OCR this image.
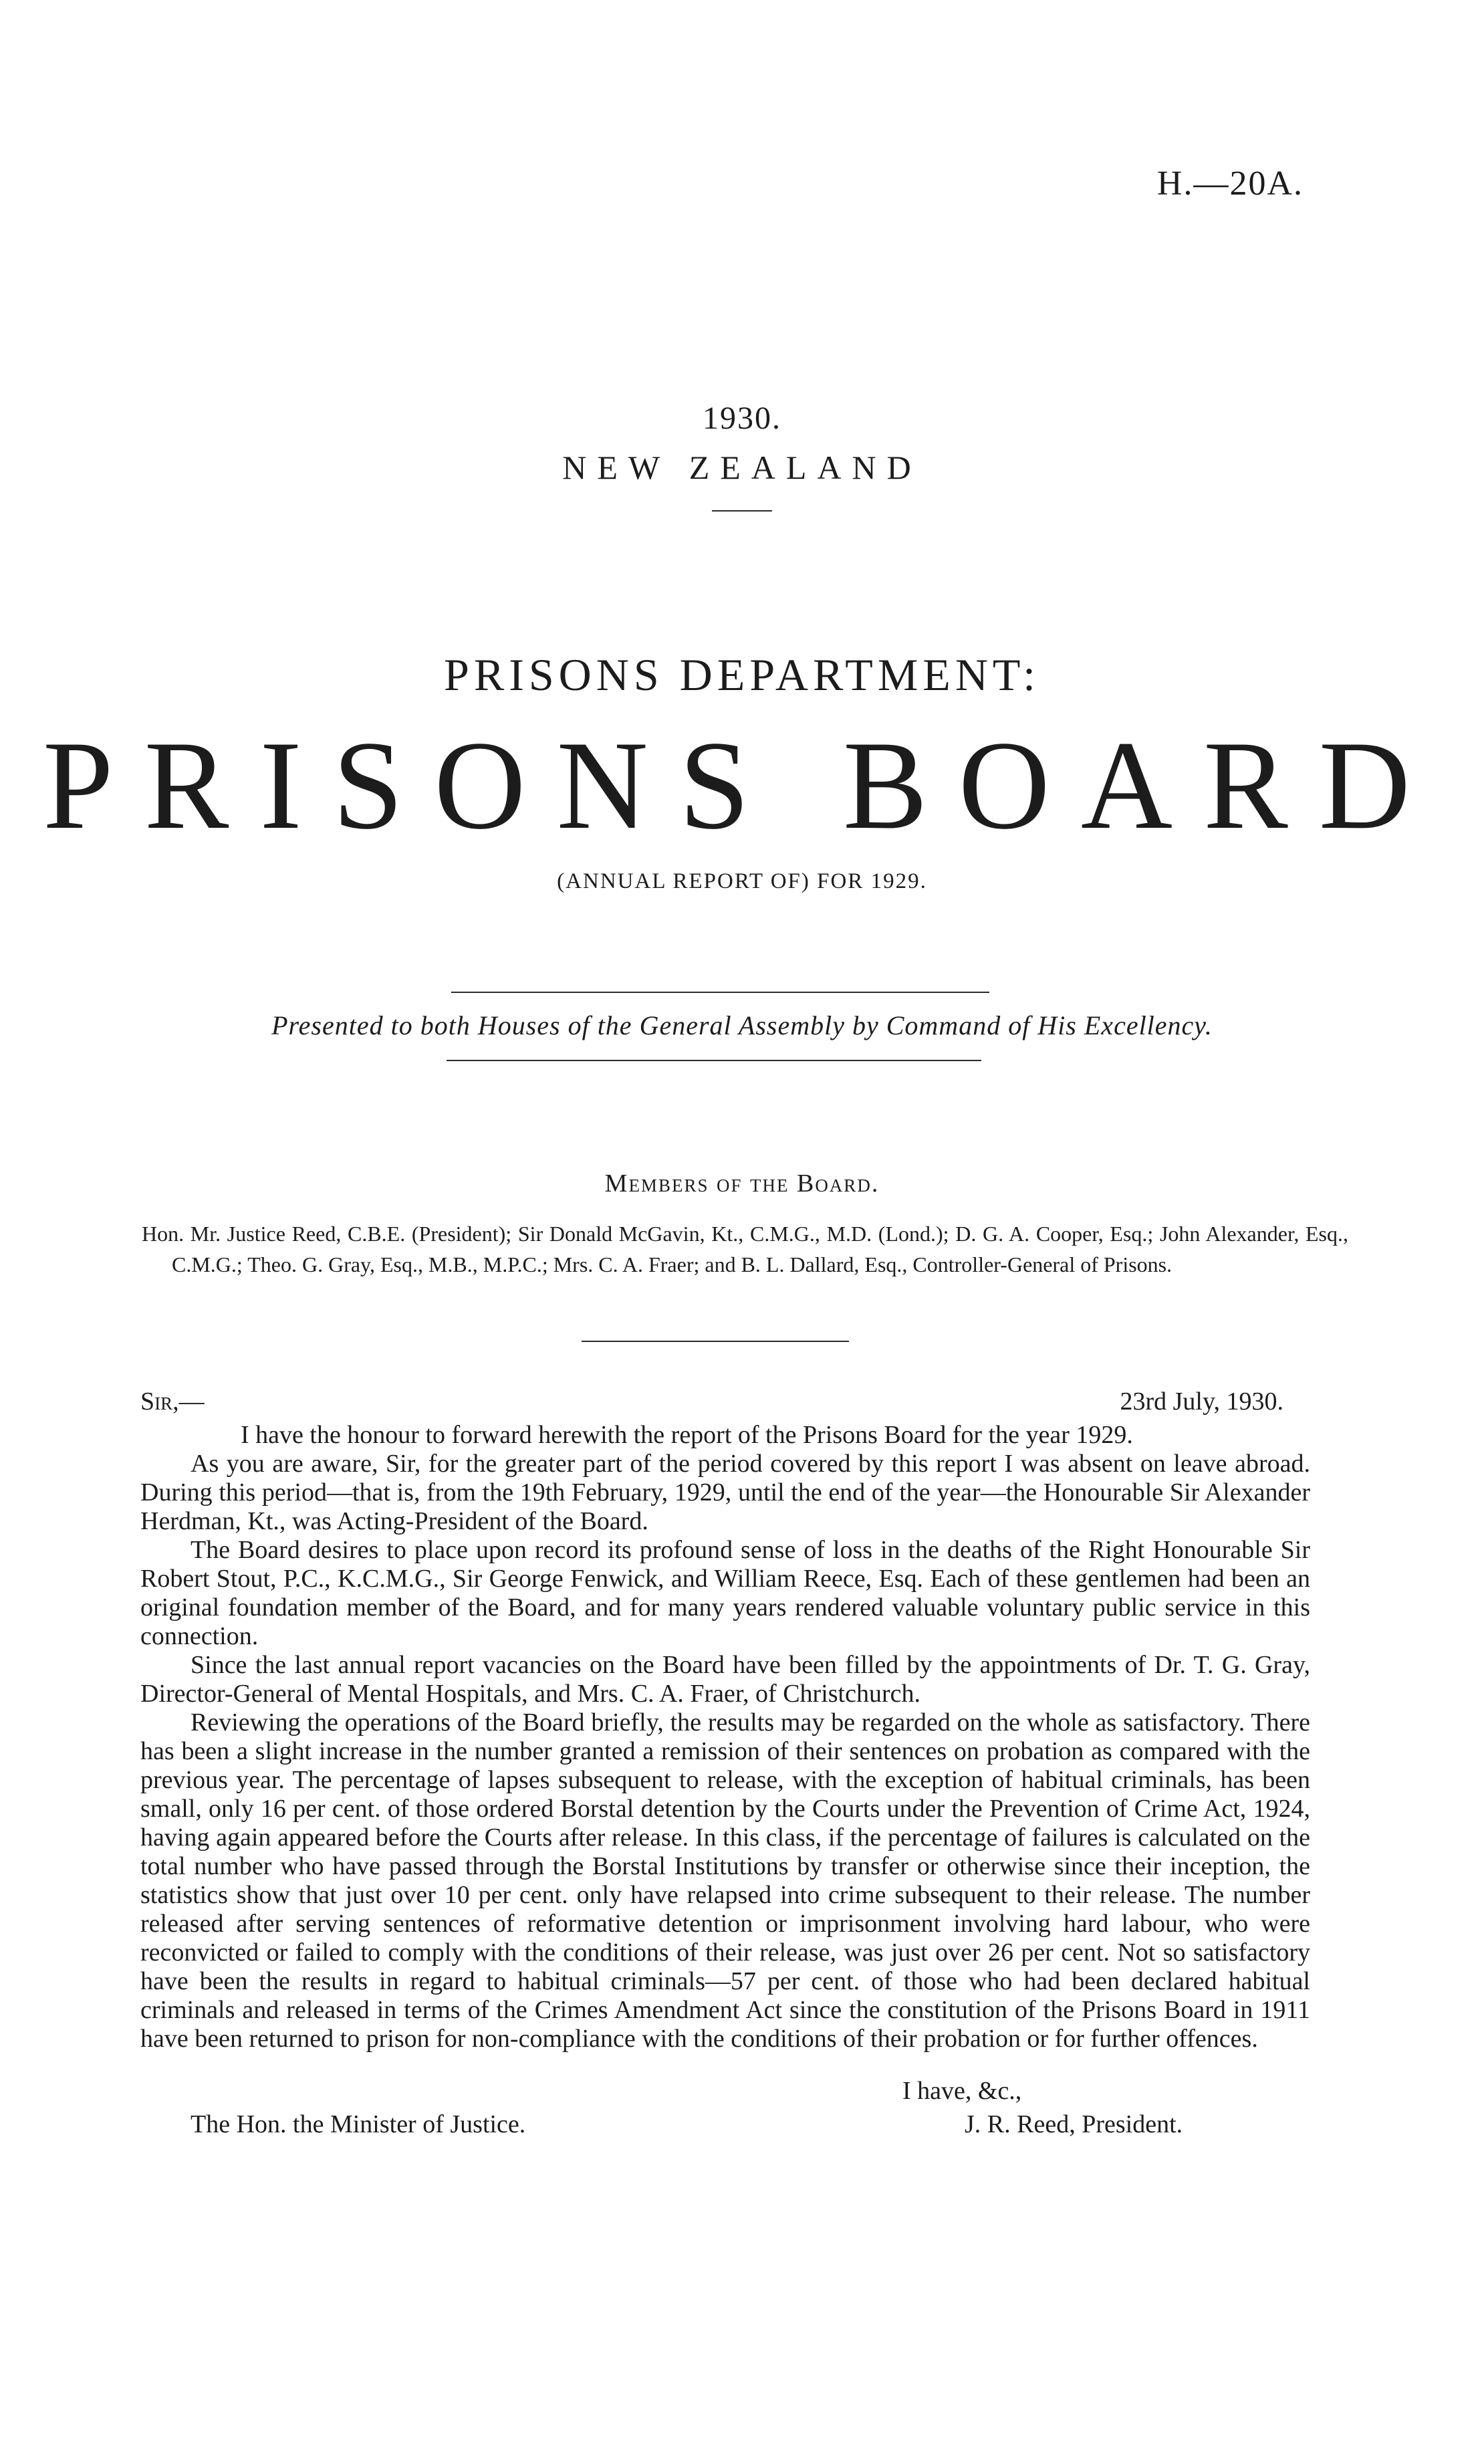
H.—20A.
1930.
NEW ZEALAND
PRISONS DEPARTMENT:
PRISONS BOARD
(ANNUAL REPORT OF) FOR 1929.
Presented to both Houses of the General Assembly by Command of His Excellency.
Members of the Board.
Hon. Mr. Justice Reed, C.B.E. (President); Sir Donald McGavin, Kt., C.M.G., M.D. (Lond.); D. G. A. Cooper, Esq.; John Alexander, Esq., C.M.G.; Theo. G. Gray, Esq., M.B., M.P.C.; Mrs. C. A. Fraer; and B. L. Dallard, Esq., Controller-General of Prisons.
Sir,—	23rd July, 1930.

I have the honour to forward herewith the report of the Prisons Board for the year 1929.

As you are aware, Sir, for the greater part of the period covered by this report I was absent on leave abroad. During this period—that is, from the 19th February, 1929, until the end of the year—the Honourable Sir Alexander Herdman, Kt., was Acting-President of the Board.

The Board desires to place upon record its profound sense of loss in the deaths of the Right Honourable Sir Robert Stout, P.C., K.C.M.G., Sir George Fenwick, and William Reece, Esq. Each of these gentlemen had been an original foundation member of the Board, and for many years rendered valuable voluntary public service in this connection.

Since the last annual report vacancies on the Board have been filled by the appointments of Dr. T. G. Gray, Director-General of Mental Hospitals, and Mrs. C. A. Fraer, of Christchurch.

Reviewing the operations of the Board briefly, the results may be regarded on the whole as satisfactory. There has been a slight increase in the number granted a remission of their sentences on probation as compared with the previous year. The percentage of lapses subsequent to release, with the exception of habitual criminals, has been small, only 16 per cent. of those ordered Borstal detention by the Courts under the Prevention of Crime Act, 1924, having again appeared before the Courts after release. In this class, if the percentage of failures is calculated on the total number who have passed through the Borstal Institutions by transfer or otherwise since their inception, the statistics show that just over 10 per cent. only have relapsed into crime subsequent to their release. The number released after serving sentences of reformative detention or imprisonment involving hard labour, who were reconvicted or failed to comply with the conditions of their release, was just over 26 per cent. Not so satisfactory have been the results in regard to habitual criminals—57 per cent. of those who had been declared habitual criminals and released in terms of the Crimes Amendment Act since the constitution of the Prisons Board in 1911 have been returned to prison for non-compliance with the conditions of their probation or for further offences.

I have, &c.,
The Hon. the Minister of Justice.	J. R. Reed, President.
